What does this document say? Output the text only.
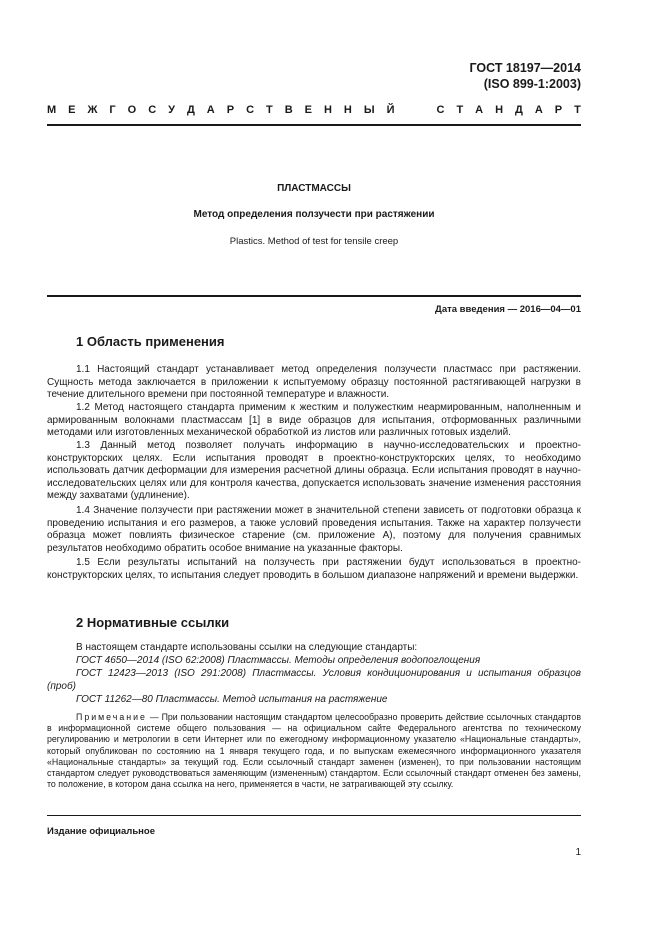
ГОСТ 18197—2014
(ISO 899-1:2003)
М Е Ж Г О С У Д А Р С Т В Е Н Н Ы Й	С Т А Н Д А Р Т
ПЛАСТМАССЫ
Метод определения ползучести при растяжении
Plastics. Method of test for tensile creep
Дата введения — 2016—04—01
1 Область применения
1.1 Настоящий стандарт устанавливает метод определения ползучести пластмасс при растяжении. Сущность метода заключается в приложении к испытуемому образцу постоянной растягивающей нагрузки в течение длительного времени при постоянной температуре и влажности.
1.2 Метод настоящего стандарта применим к жестким и полужестким неармированным, наполненным и армированным волокнами пластмассам [1] в виде образцов для испытания, отформованных различными методами или изготовленных механической обработкой из листов или различных готовых изделий.
1.3 Данный метод позволяет получать информацию в научно-исследовательских и проектно-конструкторских целях. Если испытания проводят в проектно-конструкторских целях, то необходимо использовать датчик деформации для измерения расчетной длины образца. Если испытания проводят в научно-исследовательских целях или для контроля качества, допускается использовать значение изменения расстояния между захватами (удлинение).
1.4 Значение ползучести при растяжении может в значительной степени зависеть от подготовки образца к проведению испытания и его размеров, а также условий проведения испытания. Также на характер ползучести образца может повлиять физическое старение (см. приложение А), поэтому для получения сравнимых результатов необходимо обратить особое внимание на указанные факторы.
1.5 Если результаты испытаний на ползучесть при растяжении будут использоваться в проектно-конструкторских целях, то испытания следует проводить в большом диапазоне напряжений и времени выдержки.
2 Нормативные ссылки
В настоящем стандарте использованы ссылки на следующие стандарты:
ГОСТ 4650—2014 (ISO 62:2008) Пластмассы. Методы определения водопоглощения
ГОСТ 12423—2013 (ISO 291:2008) Пластмассы. Условия кондиционирования и испытания образцов (проб)
ГОСТ 11262—80 Пластмассы. Метод испытания на растяжение
Примечание — При пользовании настоящим стандартом целесообразно проверить действие ссылочных стандартов в информационной системе общего пользования — на официальном сайте Федерального агентства по техническому регулированию и метрологии в сети Интернет или по ежегодному информационному указателю «Национальные стандарты», который опубликован по состоянию на 1 января текущего года, и по выпускам ежемесячного информационного указателя «Национальные стандарты» за текущий год. Если ссылочный стандарт заменен (изменен), то при пользовании настоящим стандартом следует руководствоваться заменяющим (измененным) стандартом. Если ссылочный стандарт отменен без замены, то положение, в котором дана ссылка на него, применяется в части, не затрагивающей эту ссылку.
Издание официальное
1
